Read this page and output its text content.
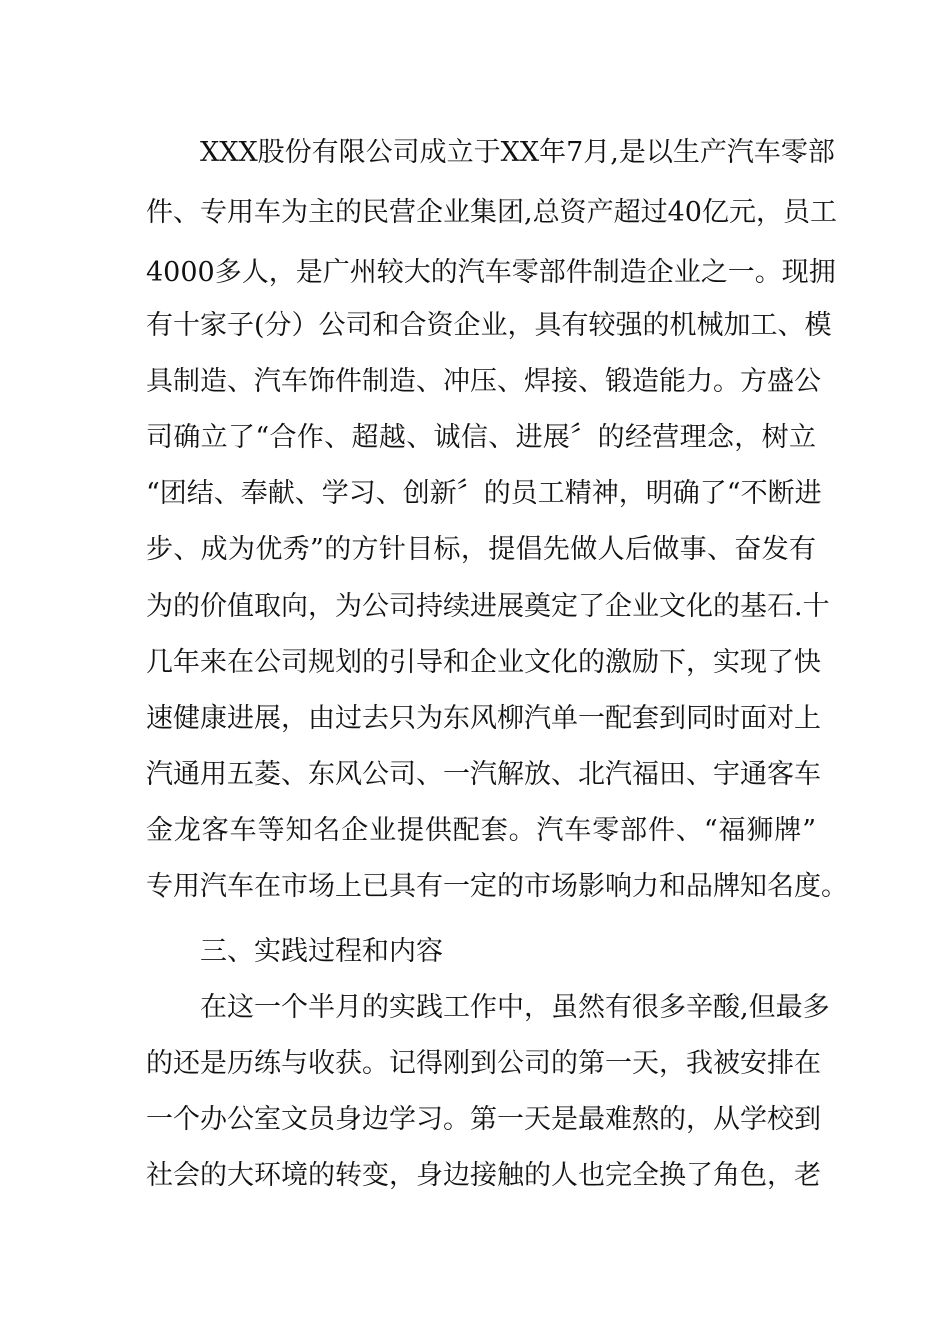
XXX股份有限公司成立于XX年7月,是以生产汽车零部
件、专用车为主的民营企业集团,总资产超过40亿元，员工
4000多人，是广州较大的汽车零部件制造企业之一。现拥
有十家子(分）公司和合资企业，具有较强的机械加工、模
具制造、汽车饰件制造、冲压、焊接、锻造能力。方盛公
司确立了“合作、超越、诚信、进展〞的经营理念，树立
“团结、奉献、学习、创新〞的员工精神，明确了“不断进
步、成为优秀”的方针目标，提倡先做人后做事、奋发有
为的价值取向，为公司持续进展奠定了企业文化的基石.十
几年来在公司规划的引导和企业文化的激励下，实现了快
速健康进展，由过去只为东风柳汽单一配套到同时面对上
汽通用五菱、东风公司、一汽解放、北汽福田、宇通客车
金龙客车等知名企业提供配套。汽车零部件、“福狮牌”
专用汽车在市场上已具有一定的市场影响力和品牌知名度。
三、实践过程和内容
在这一个半月的实践工作中，虽然有很多辛酸,但最多
的还是历练与收获。记得刚到公司的第一天，我被安排在
一个办公室文员身边学习。第一天是最难熬的，从学校到
社会的大环境的转变，身边接触的人也完全换了角色，老
